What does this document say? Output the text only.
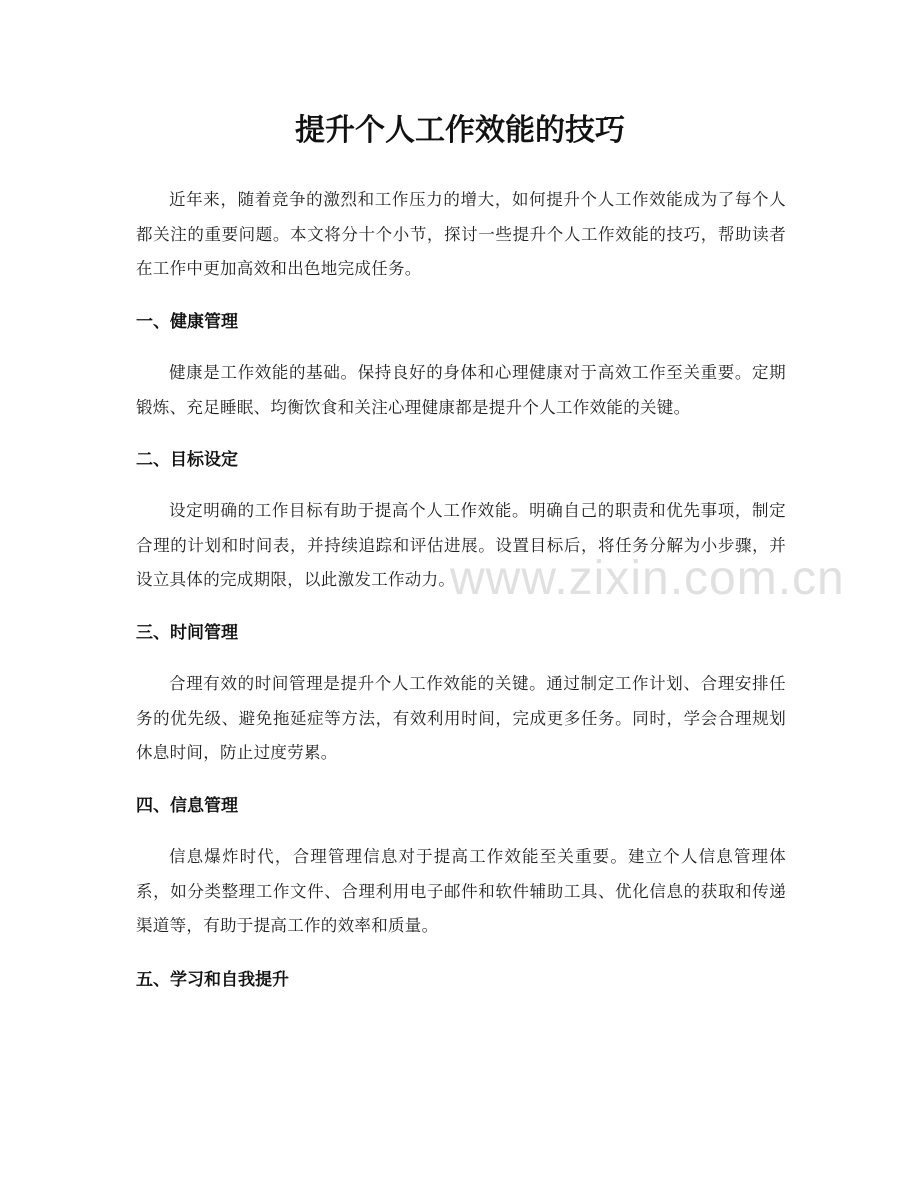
提升个人工作效能的技巧

近年来，随着竞争的激烈和工作压力的增大，如何提升个人工作效能成为了每个人都关注的重要问题。本文将分十个小节，探讨一些提升个人工作效能的技巧，帮助读者在工作中更加高效和出色地完成任务。

一、健康管理

健康是工作效能的基础。保持良好的身体和心理健康对于高效工作至关重要。定期锻炼、充足睡眠、均衡饮食和关注心理健康都是提升个人工作效能的关键。

二、目标设定

设定明确的工作目标有助于提高个人工作效能。明确自己的职责和优先事项，制定合理的计划和时间表，并持续追踪和评估进展。设置目标后，将任务分解为小步骤，并设立具体的完成期限，以此激发工作动力。

三、时间管理

合理有效的时间管理是提升个人工作效能的关键。通过制定工作计划、合理安排任务的优先级、避免拖延症等方法，有效利用时间，完成更多任务。同时，学会合理规划休息时间，防止过度劳累。

四、信息管理

信息爆炸时代，合理管理信息对于提高工作效能至关重要。建立个人信息管理体系，如分类整理工作文件、合理利用电子邮件和软件辅助工具、优化信息的获取和传递渠道等，有助于提高工作的效率和质量。

五、学习和自我提升
www.zixin.com.cn
